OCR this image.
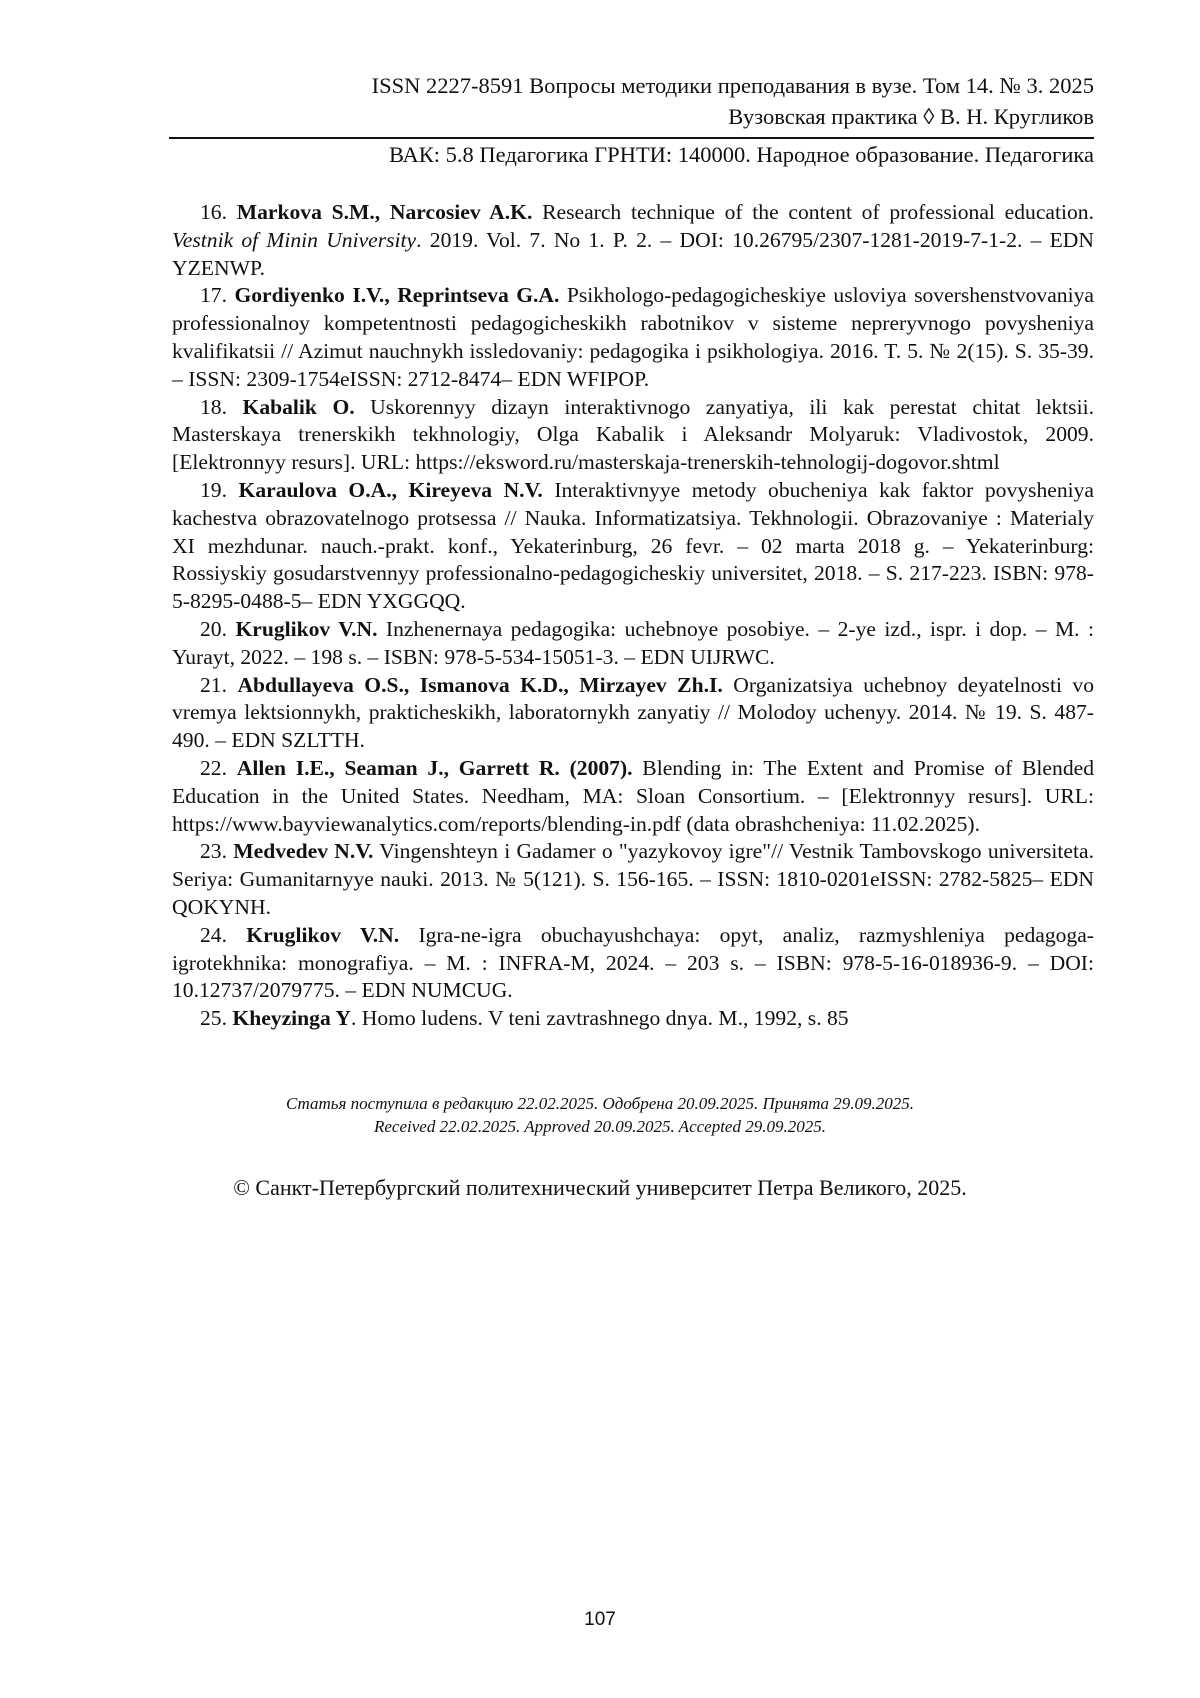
ISSN 2227-8591 Вопросы методики преподавания в вузе. Том 14. № 3. 2025
Вузовская практика ◊ В. Н. Кругликов
ВАК: 5.8 Педагогика ГРНТИ: 140000. Народное образование. Педагогика

16. Markova S.M., Narcosiev A.K. Research technique of the content of professional education. Vestnik of Minin University. 2019. Vol. 7. No 1. P. 2. – DOI: 10.26795/2307-1281-2019-7-1-2. – EDN YZENWP.

17. Gordiyenko I.V., Reprintseva G.A. Psikhologo-pedagogicheskiye usloviya sovershenstvovaniya professionalnoy kompetentnosti pedagogicheskikh rabotnikov v sisteme nepreryvnogo povysheniya kvalifikatsii // Azimut nauchnykh issledovaniy: pedagogika i psikhologiya. 2016. T. 5. № 2(15). S. 35-39. – ISSN: 2309-1754eISSN: 2712-8474– EDN WFIPOP.

18. Kabalik O. Uskorennyy dizayn interaktivnogo zanyatiya, ili kak perestat chitat lektsii. Masterskaya trenerskikh tekhnologiy, Olga Kabalik i Aleksandr Molyaruk: Vladivostok, 2009. [Elektronnyy resurs]. URL: https://eksword.ru/masterskaja-trenerskih-tehnologij-dogovor.shtml

19. Karaulova O.A., Kireyeva N.V. Interaktivnyye metody obucheniya kak faktor povysheniya kachestva obrazovatelnogo protsessa // Nauka. Informatizatsiya. Tekhnologii. Obrazovaniye : Materialy XI mezhdunar. nauch.-prakt. konf., Yekaterinburg, 26 fevr. – 02 marta 2018 g. – Yekaterinburg: Rossiyskiy gosudarstvennyy professionalno-pedagogicheskiy universitet, 2018. – S. 217-223. ISBN: 978-5-8295-0488-5– EDN YXGGQQ.

20. Kruglikov V.N. Inzhenernaya pedagogika: uchebnoye posobiye. – 2-ye izd., ispr. i dop. – M. : Yurayt, 2022. – 198 s. – ISBN: 978-5-534-15051-3. – EDN UIJRWC.

21. Abdullayeva O.S., Ismanova K.D., Mirzayev Zh.I. Organizatsiya uchebnoy deyatelnosti vo vremya lektsionnykh, prakticheskikh, laboratornykh zanyatiy // Molodoy uchenyy. 2014. № 19. S. 487-490. – EDN SZLTTH.

22. Allen I.E., Seaman J., Garrett R. (2007). Blending in: The Extent and Promise of Blended Education in the United States. Needham, MA: Sloan Consortium. – [Elektronnyy resurs]. URL: https://www.bayviewanalytics.com/reports/blending-in.pdf (data obrashcheniya: 11.02.2025).

23. Medvedev N.V. Vingenshteyn i Gadamer o "yazykovoy igre"// Vestnik Tambovskogo universiteta. Seriya: Gumanitarnyye nauki. 2013. № 5(121). S. 156-165. – ISSN: 1810-0201eISSN: 2782-5825– EDN QOKYNH.

24. Kruglikov V.N. Igra-ne-igra obuchayushchaya: opyt, analiz, razmyshleniya pedagoga-igrotekhnika: monografiya. – M. : INFRA-M, 2024. – 203 s. – ISBN: 978-5-16-018936-9. – DOI: 10.12737/2079775. – EDN NUMCUG.

25. Kheyzinga Y. Homo ludens. V teni zavtrashnego dnya. M., 1992, s. 85

Статья поступила в редакцию 22.02.2025. Одобрена 20.09.2025. Принята 29.09.2025.
Received 22.02.2025. Approved 20.09.2025. Accepted 29.09.2025.
© Санкт-Петербургский политехнический университет Петра Великого, 2025.
107
